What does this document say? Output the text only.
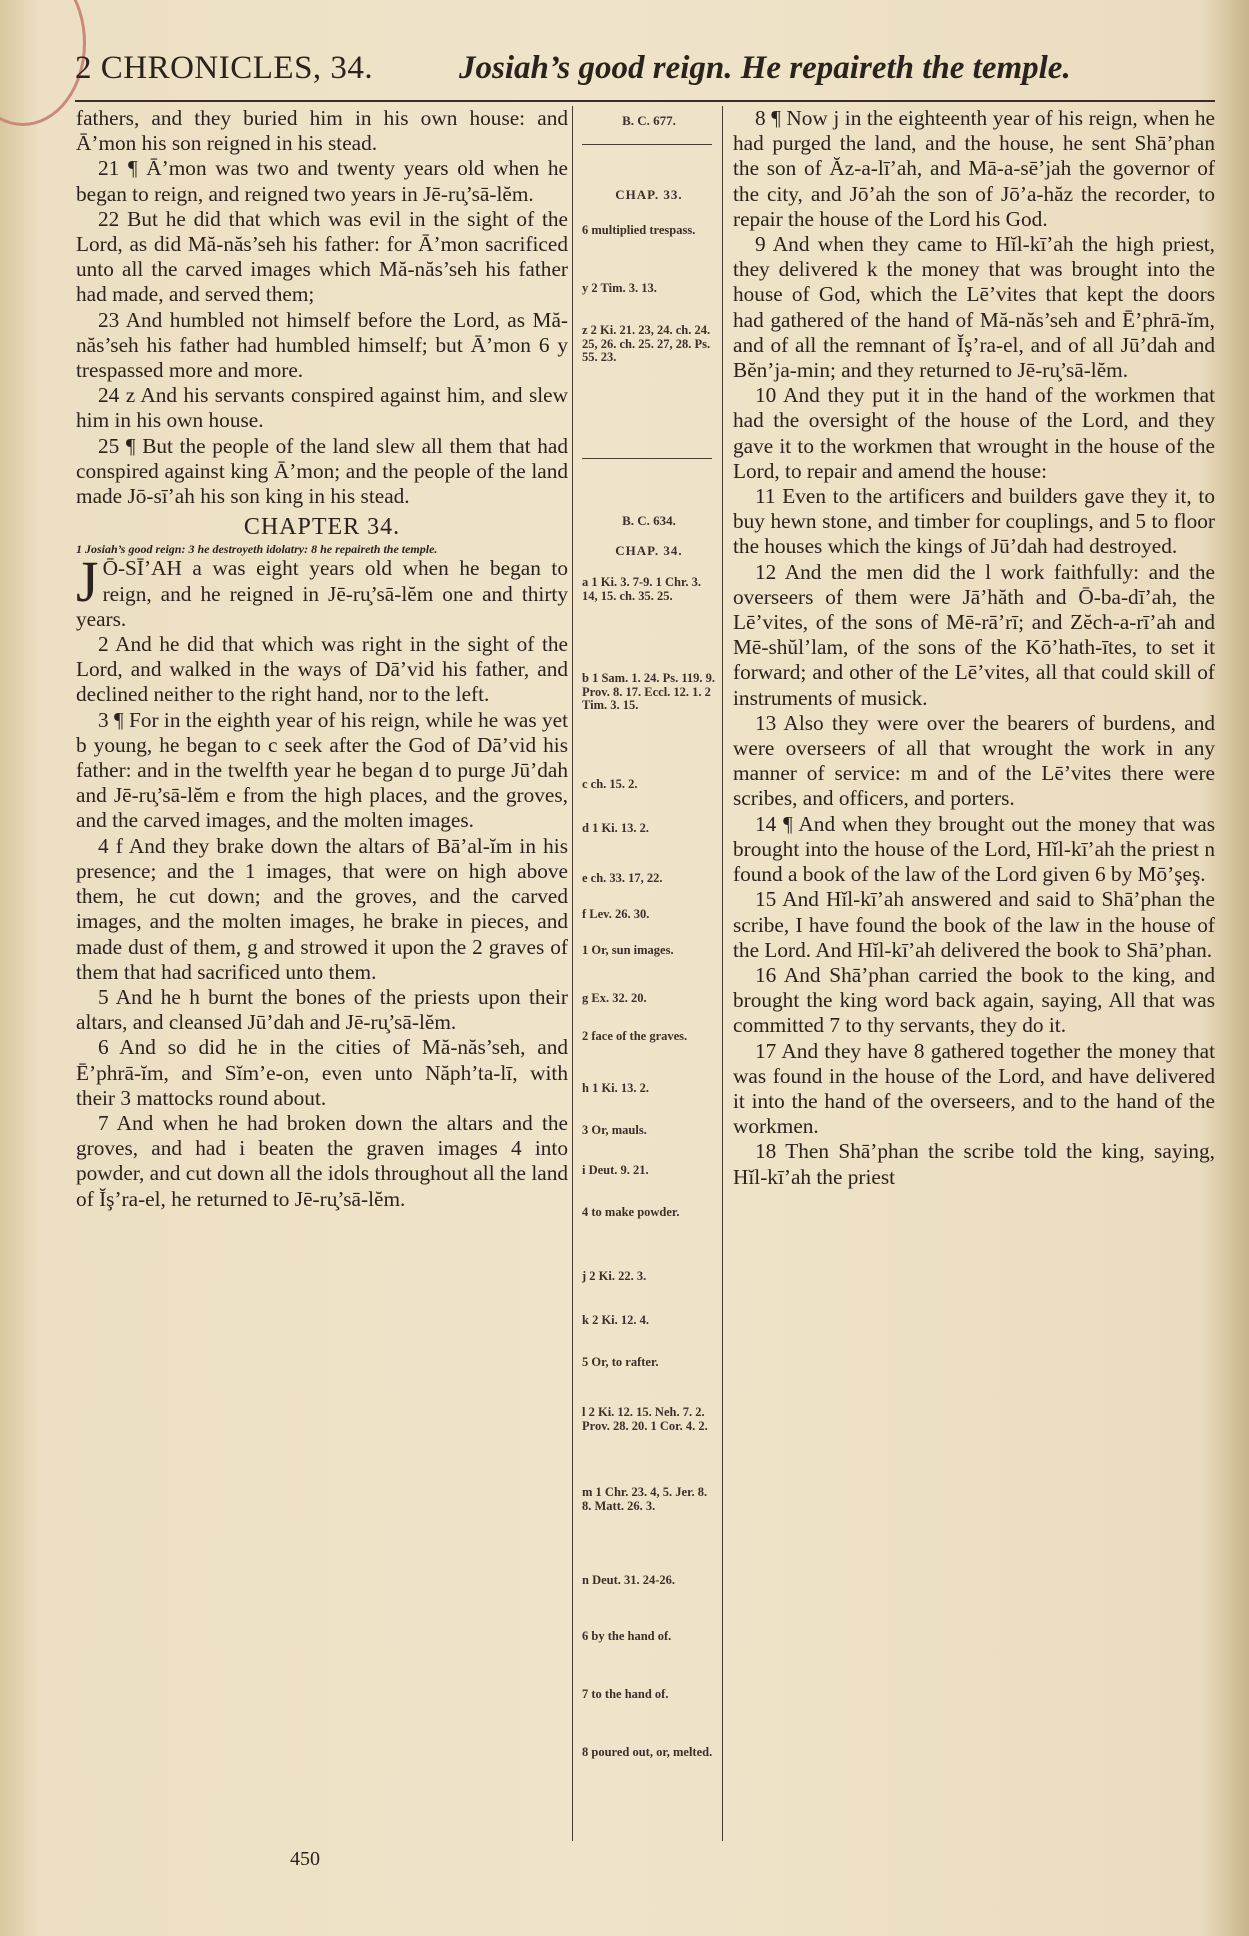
2 CHRONICLES, 34.	Josiah’s good reign. He repaireth the temple.

fathers, and they buried him in his own house: and Ā’mon his son reigned in his stead.

21 ¶ Ā’mon was two and twenty years old when he began to reign, and reigned two years in Jē-ru̧’sā-lĕm.

22 But he did that which was evil in the sight of the Lord, as did Mă-năs’seh his father: for Ā’mon sacrificed unto all the carved images which Mă-năs’seh his father had made, and served them;

23 And humbled not himself before the Lord, as Mă-năs’seh his father had humbled himself; but Ā’mon 6 y trespassed more and more.

24 z And his servants conspired against him, and slew him in his own house.

25 ¶ But the people of the land slew all them that had conspired against king Ā’mon; and the people of the land made Jō-sī’ah his son king in his stead.

CHAPTER 34.

1 Josiah’s good reign: 3 he destroyeth idolatry: 8 he repaireth the temple.

J Ō-SĪ’AH a was eight years old when he began to reign, and he reigned in Jē-ru̧’sā-lĕm one and thirty years.

2 And he did that which was right in the sight of the Lord, and walked in the ways of Dā’vid his father, and declined neither to the right hand, nor to the left.

3 ¶ For in the eighth year of his reign, while he was yet b young, he began to c seek after the God of Dā’vid his father: and in the twelfth year he began d to purge Jū’dah and Jē-ru̧’sā-lĕm e from the high places, and the groves, and the carved images, and the molten images.

4 f And they brake down the altars of Bā’al-ĭm in his presence; and the 1 images, that were on high above them, he cut down; and the groves, and the carved images, and the molten images, he brake in pieces, and made dust of them, g and strowed it upon the 2 graves of them that had sacrificed unto them.

5 And he h burnt the bones of the priests upon their altars, and cleansed Jū’dah and Jē-ru̧’sā-lĕm.

6 And so did he in the cities of Mă-năs’seh, and Ē’phrā-ĭm, and Sĭm’e-on, even unto Năph’ta-lī, with their 3 mattocks round about.

7 And when he had broken down the altars and the groves, and had i beaten the graven images 4 into powder, and cut down all the idols throughout all the land of Ĭş’ra-el, he returned to Jē-ru̧’sā-lĕm.

B. C. 677.
CHAP. 33.
6 multiplied trespass.
y 2 Tim. 3. 13.
z 2 Ki. 21. 23, 24. ch. 24. 25, 26. ch. 25. 27, 28. Ps. 55. 23.
B. C. 634.
CHAP. 34.
a 1 Ki. 3. 7-9. 1 Chr. 3. 14, 15. ch. 35. 25.
b 1 Sam. 1. 24. Ps. 119. 9. Prov. 8. 17. Eccl. 12. 1. 2 Tim. 3. 15.
c ch. 15. 2.
d 1 Ki. 13. 2.
e ch. 33. 17, 22.
f Lev. 26. 30.
1 Or, sun images.
g Ex. 32. 20.
2 face of the graves.
h 1 Ki. 13. 2.
3 Or, mauls.
i Deut. 9. 21.
4 to make powder.
j 2 Ki. 22. 3.
k 2 Ki. 12. 4.
5 Or, to rafter.
l 2 Ki. 12. 15. Neh. 7. 2. Prov. 28. 20. 1 Cor. 4. 2.
m 1 Chr. 23. 4, 5. Jer. 8. 8. Matt. 26. 3.
n Deut. 31. 24-26.
6 by the hand of.
7 to the hand of.
8 poured out, or, melted.

8 ¶ Now j in the eighteenth year of his reign, when he had purged the land, and the house, he sent Shā’phan the son of Ăz-a-lī’ah, and Mā-a-sē’jah the governor of the city, and Jō’ah the son of Jō’a-hăz the recorder, to repair the house of the Lord his God.

9 And when they came to Hĭl-kī’ah the high priest, they delivered k the money that was brought into the house of God, which the Lē’vites that kept the doors had gathered of the hand of Mă-năs’seh and Ē’phrā-ĭm, and of all the remnant of Ĭş’ra-el, and of all Jū’dah and Bĕn’ja-min; and they returned to Jē-ru̧’sā-lĕm.

10 And they put it in the hand of the workmen that had the oversight of the house of the Lord, and they gave it to the workmen that wrought in the house of the Lord, to repair and amend the house:

11 Even to the artificers and builders gave they it, to buy hewn stone, and timber for couplings, and 5 to floor the houses which the kings of Jū’dah had destroyed.

12 And the men did the l work faithfully: and the overseers of them were Jā’hăth and Ō-ba-dī’ah, the Lē’vites, of the sons of Mē-rā’rī; and Zĕch-a-rī’ah and Mē-shŭl’lam, of the sons of the Kō’hath-ītes, to set it forward; and other of the Lē’vites, all that could skill of instruments of musick.

13 Also they were over the bearers of burdens, and were overseers of all that wrought the work in any manner of service: m and of the Lē’vites there were scribes, and officers, and porters.

14 ¶ And when they brought out the money that was brought into the house of the Lord, Hĭl-kī’ah the priest n found a book of the law of the Lord given 6 by Mō’şeş.

15 And Hĭl-kī’ah answered and said to Shā’phan the scribe, I have found the book of the law in the house of the Lord. And Hĭl-kī’ah delivered the book to Shā’phan.

16 And Shā’phan carried the book to the king, and brought the king word back again, saying, All that was committed 7 to thy servants, they do it.

17 And they have 8 gathered together the money that was found in the house of the Lord, and have delivered it into the hand of the overseers, and to the hand of the workmen.

18 Then Shā’phan the scribe told the king, saying, Hĭl-kī’ah the priest

450
